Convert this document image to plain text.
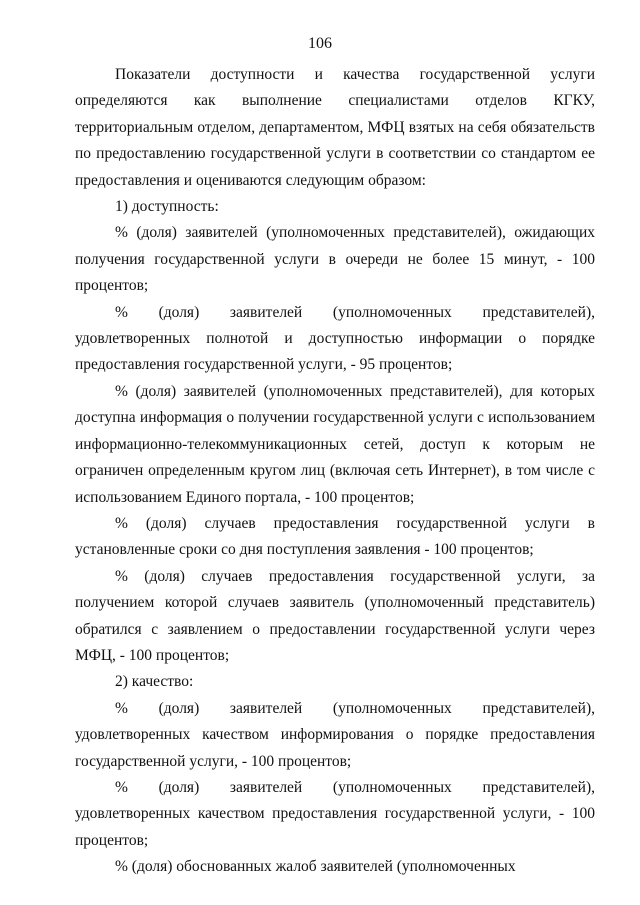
106

Показатели доступности и качества государственной услуги определяются как выполнение специалистами отделов КГКУ, территориальным отделом, департаментом, МФЦ взятых на себя обязательств по предоставлению государственной услуги в соответствии со стандартом ее предоставления и оцениваются следующим образом:

1) доступность:

% (доля) заявителей (уполномоченных представителей), ожидающих получения государственной услуги в очереди не более 15 минут, - 100 процентов;

% (доля) заявителей (уполномоченных представителей), удовлетворенных полнотой и доступностью информации о порядке предоставления государственной услуги, - 95 процентов;

% (доля) заявителей (уполномоченных представителей), для которых доступна информация о получении государственной услуги с использованием информационно-телекоммуникационных сетей, доступ к которым не ограничен определенным кругом лиц (включая сеть Интернет), в том числе с использованием Единого портала, - 100 процентов;

% (доля) случаев предоставления государственной услуги в установленные сроки со дня поступления заявления - 100 процентов;

% (доля) случаев предоставления государственной услуги, за получением которой случаев заявитель (уполномоченный представитель) обратился с заявлением о предоставлении государственной услуги через МФЦ, - 100 процентов;

2) качество:

% (доля) заявителей (уполномоченных представителей), удовлетворенных качеством информирования о порядке предоставления государственной услуги, - 100 процентов;

% (доля) заявителей (уполномоченных представителей), удовлетворенных качеством предоставления государственной услуги, - 100 процентов;

% (доля) обоснованных жалоб заявителей (уполномоченных
